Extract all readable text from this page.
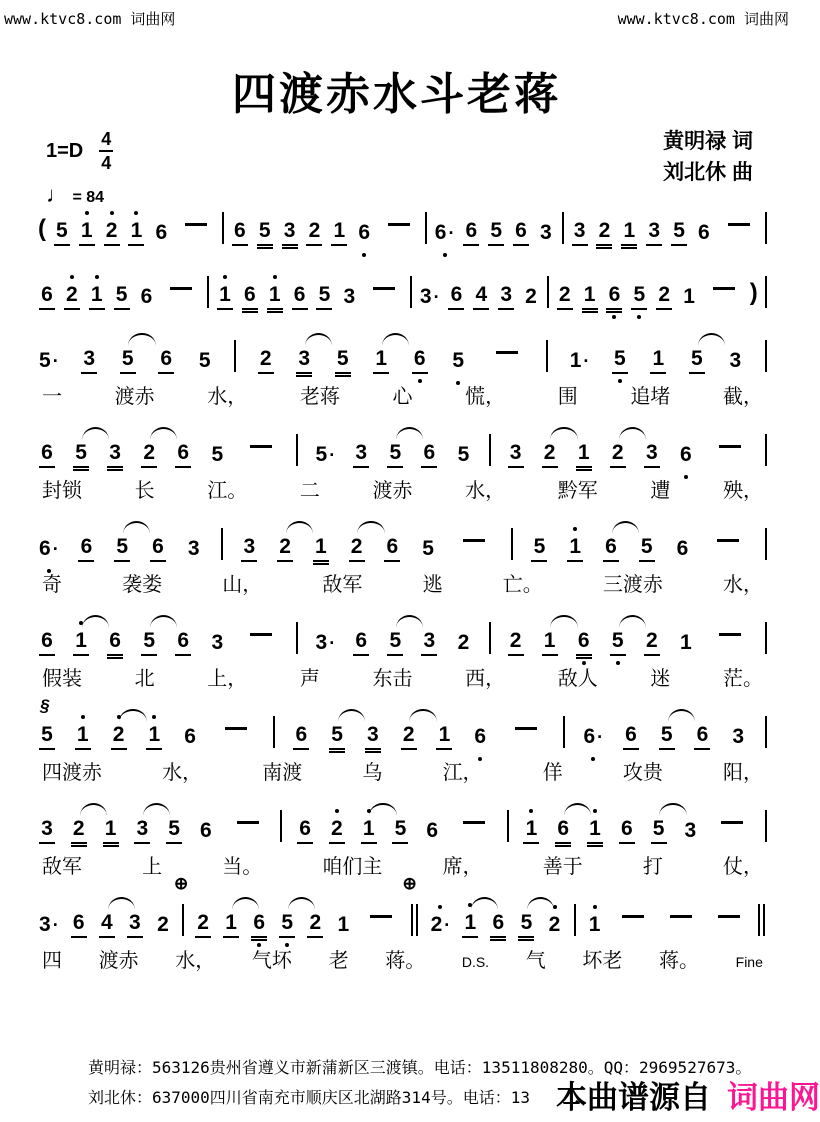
www.ktvc8.com 词曲网	www.ktvc8.com 词曲网
四渡赤水斗老蒋
黄明禄 词
刘北休 曲
$1=D \frac{4}{4}$
♩ = 84
( 5 1 2 1 6	6 5 3 2 1 6	6 · 6 5 6 3 3 2 1 3 5 6
6 2 1 5 6	1 6 1 6 5 3	3 · 6 4 3 2 2 1 6 5 2 1 )
5 · 3 5 6 5 2 3 5 1 6 5	1 · 5 1 5 3
一	渡赤	水，	老蒋	心	慌，	围	追堵	截，
6 5 3 2 6 5	5 · 3 5 6 5 3 2 1 2 3 6
封锁	长	江。	二	渡赤	水，	黔军	遭	殃，
6 · 6 5 6 3 3 2 1 2 6 5	5 1 6 5 6
奇	袭娄	山，	敌军	逃	亡。	三渡赤	水，
6 1 6 5 6 3	3 · 6 5 3 2 2 1 6 5 2 1
假装	北	上，	声	东击	西，	敌人	迷	茫。
§
5 1 2 1 6	6 5 3 2 1 6	6 · 6 5 6 3
四渡赤	水，	南渡	乌	江，	佯	攻贵	阳，
3 2 1 3 5 6	6 2 1 5 6	1 6 1 6 5 3
敌军	上	当。	咱们主	席，	善于	打	仗，
3 · 6 4 3 2
⊕
2 1 6 5 2 1
⊕
2 · 1 6 5 2 1
四 渡赤 水， 气坏 老 蒋。	D.S. 气 坏老 蒋。	Fine
黄明禄：563126贵州省遵义市新蒲新区三渡镇。电话：13511808280。QQ：2969527673。
刘北休：637000四川省南充市顺庆区北湖路314号。电话：13 本曲谱源自 词曲网
